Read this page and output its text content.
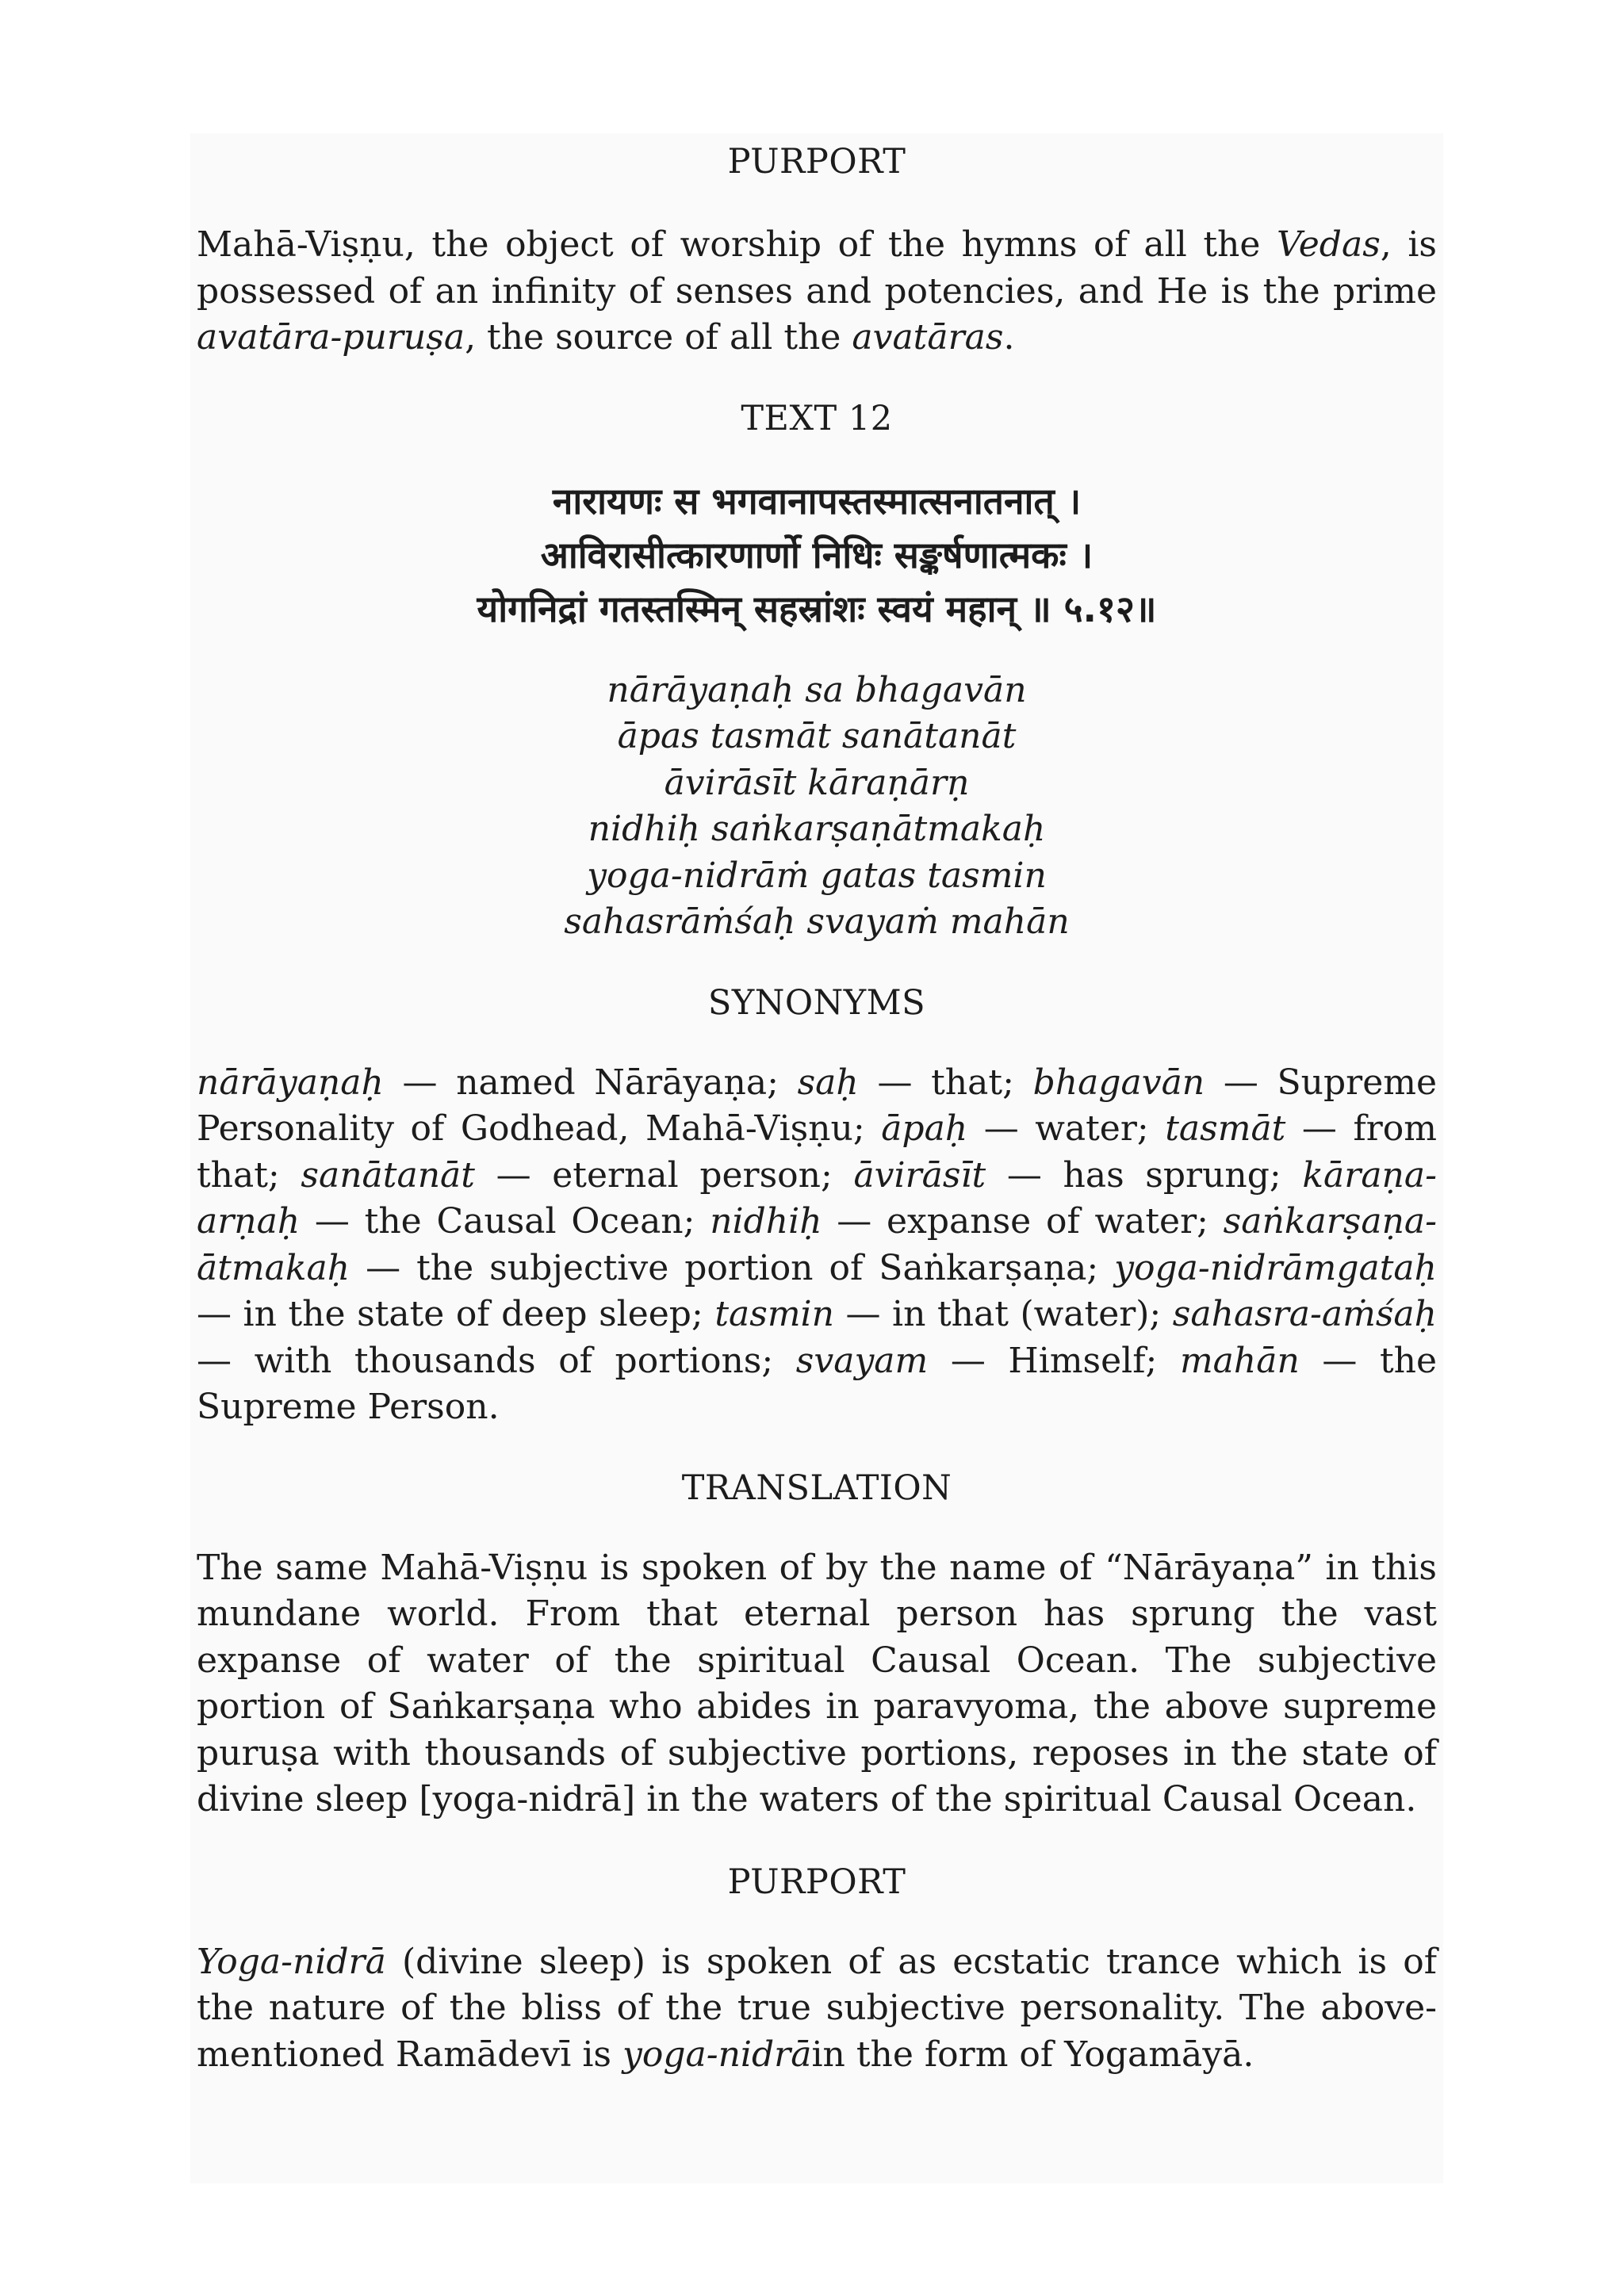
PURPORT

Mahā-Viṣṇu, the object of worship of the hymns of all the Vedas, is possessed of an infinity of senses and potencies, and He is the prime avatāra-puruṣa, the source of all the avatāras.

TEXT 12

नारायणः स भगवानापस्तस्मात्सनातनात् ।

आविरासीत्कारणार्णो निधिः सङ्कर्षणात्मकः ।

योगनिद्रां गतस्तस्मिन् सहस्रांशः स्वयं महान् ॥ ५.१२॥

nārāyaṇaḥ sa bhagavān

āpas tasmāt sanātanāt

āvirāsīt kāraṇārṇ

nidhiḥ saṅkarṣaṇātmakaḥ

yoga-nidrāṁ gatas tasmin

sahasrāṁśaḥ svayaṁ mahān

SYNONYMS

nārāyaṇaḥ — named Nārāyaṇa; saḥ — that; bhagavān — Supreme Personality of Godhead, Mahā-Viṣṇu; āpaḥ — water; tasmāt — from that; sanātanāt — eternal person; āvirāsīt — has sprung; kāraṇa-arṇaḥ — the Causal Ocean; nidhiḥ — expanse of water; saṅkarṣaṇa-ātmakaḥ — the subjective portion of Saṅkarṣaṇa; yoga-nidrāmgataḥ — in the state of deep sleep; tasmin — in that (water); sahasra-aṁśaḥ — with thousands of portions; svayam — Himself; mahān — the Supreme Person.

TRANSLATION

The same Mahā-Viṣṇu is spoken of by the name of “Nārāyaṇa” in this mundane world. From that eternal person has sprung the vast expanse of water of the spiritual Causal Ocean. The subjective portion of Saṅkarṣaṇa who abides in paravyoma, the above supreme puruṣa with thousands of subjective portions, reposes in the state of divine sleep [yoga-nidrā] in the waters of the spiritual Causal Ocean.

PURPORT

Yoga-nidrā (divine sleep) is spoken of as ecstatic trance which is of the nature of the bliss of the true subjective personality. The above-mentioned Ramādevī is yoga-nidrāin the form of Yogamāyā.
